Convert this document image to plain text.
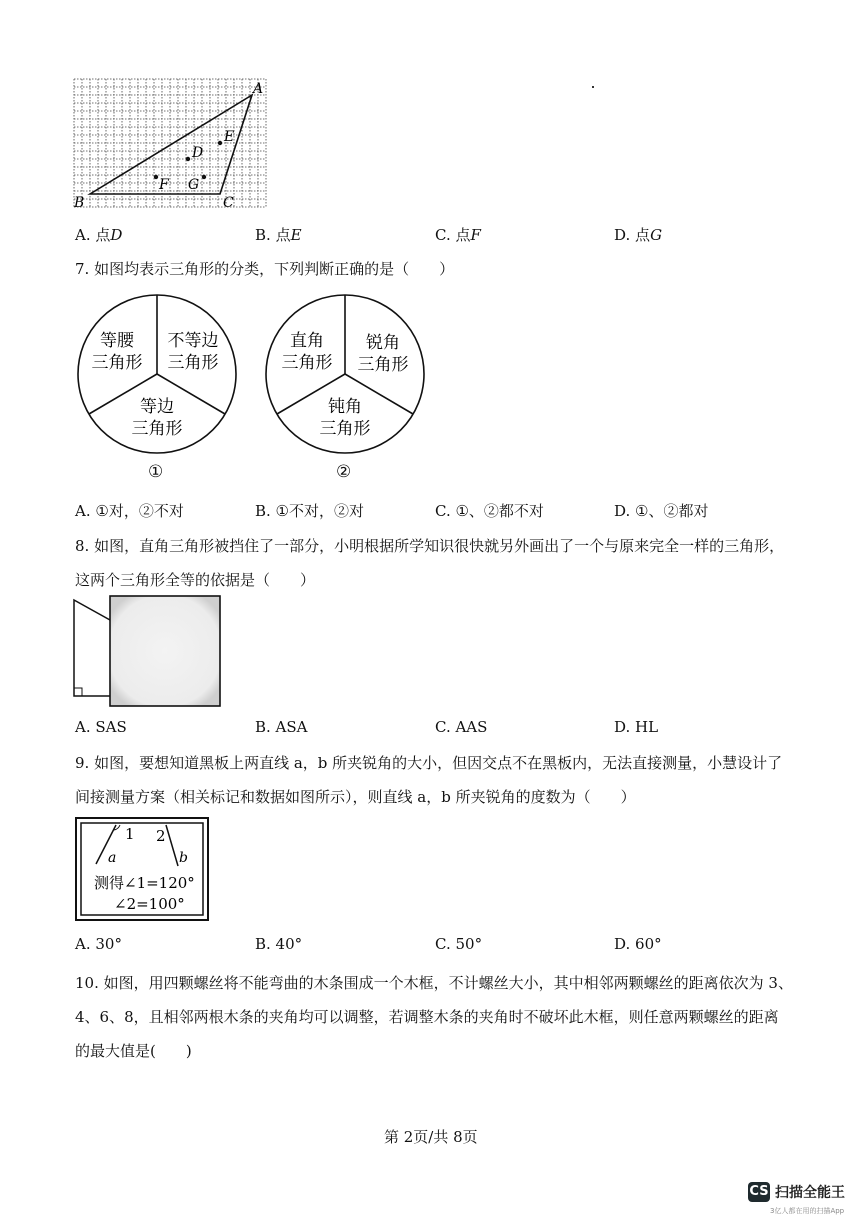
A
B	C
D
E
F G
A. 点D	B. 点E	C. 点F	D. 点G
7. 如图均表示三角形的分类，下列判断正确的是（　　）
等腰
三角形
不等边
三角形
等边
三角形
①
直角
三角形
锐角
三角形
钝角
三角形
②
A. ①对，②不对	B. ①不对，②对	C. ①、②都不对	D. ①、②都对
8. 如图，直角三角形被挡住了一部分，小明根据所学知识很快就另外画出了一个与原来完全一样的三角形，
这两个三角形全等的依据是（　　）
A. SAS	B. ASA	C. AAS	D. HL
9. 如图，要想知道黑板上两直线 a，b 所夹锐角的大小，但因交点不在黑板内，无法直接测量，小慧设计了
间接测量方案（相关标记和数据如图所示），则直线 a，b 所夹锐角的度数为（　　）
1 2
a	b
测得∠1=120°
∠2=100°
A. 30°	B. 40°	C. 50°	D. 60°
10. 如图，用四颗螺丝将不能弯曲的木条围成一个木框，不计螺丝大小，其中相邻两颗螺丝的距离依次为 3、
4、6、8，且相邻两根木条的夹角均可以调整，若调整木条的夹角时不破坏此木框，则任意两颗螺丝的距离
的最大值是(　　)
第 2页/共 8页
CS 扫描全能王
3亿人都在用的扫描App
